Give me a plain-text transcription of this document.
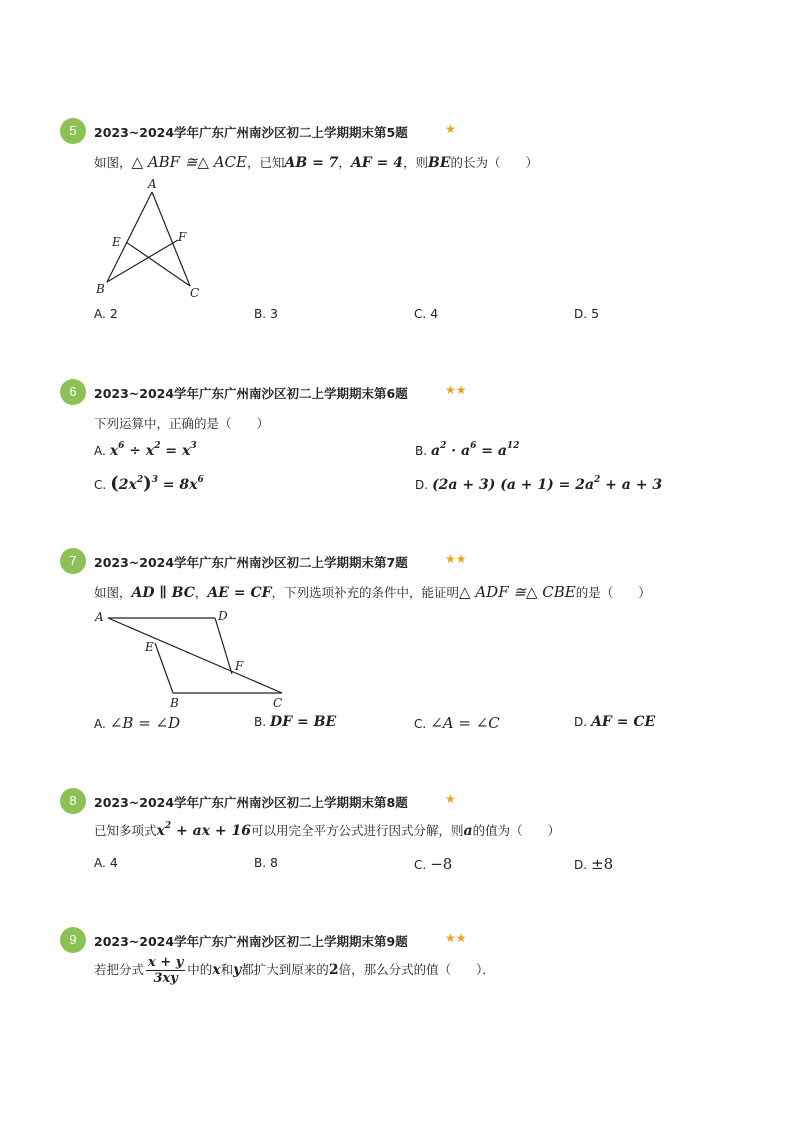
5	2023~2024学年广东广州南沙区初二上学期期末第5题	★
如图，△ ABF ≅△ ACE，已知AB = 7，AF = 4，则BE的长为（　　）
A
B	C
E	F
A. 2	B. 3	C. 4	D. 5
6	2023~2024学年广东广州南沙区初二上学期期末第6题	★★
下列运算中，正确的是（　　）
A. $x^6 \div x^2 = x^3$	B. $a^2 \cdot a^6 = a^{12}$
C. $(2x^2)^3 = 8x^6$	D. (2a + 3) $(a + 1) = 2a^2 + a + 3$
7	2023~2024学年广东广州南沙区初二上学期期末第7题	★★
如图，AD ∥ BC，AE = CF，下列选项补充的条件中，能证明△ ADF ≅△ CBE的是（　　）
A	D
E
F
B	C
A. ∠B = ∠D	B. DF = BE	C. ∠A = ∠C	D. AF = CE
8	2023~2024学年广东广州南沙区初二上学期期末第8题	★
已知多项式$x^2$ + ax + 16可以用完全平方公式进行因式分解，则a的值为（　　）
A. 4	B. 8	C. −8	D. ±8
9	2023~2024学年广东广州南沙区初二上学期期末第9题	★★
若把分式 $\frac{x + y}{3xy}$ 中的x和y都扩大到原来的2倍，那么分式的值（　　）．
